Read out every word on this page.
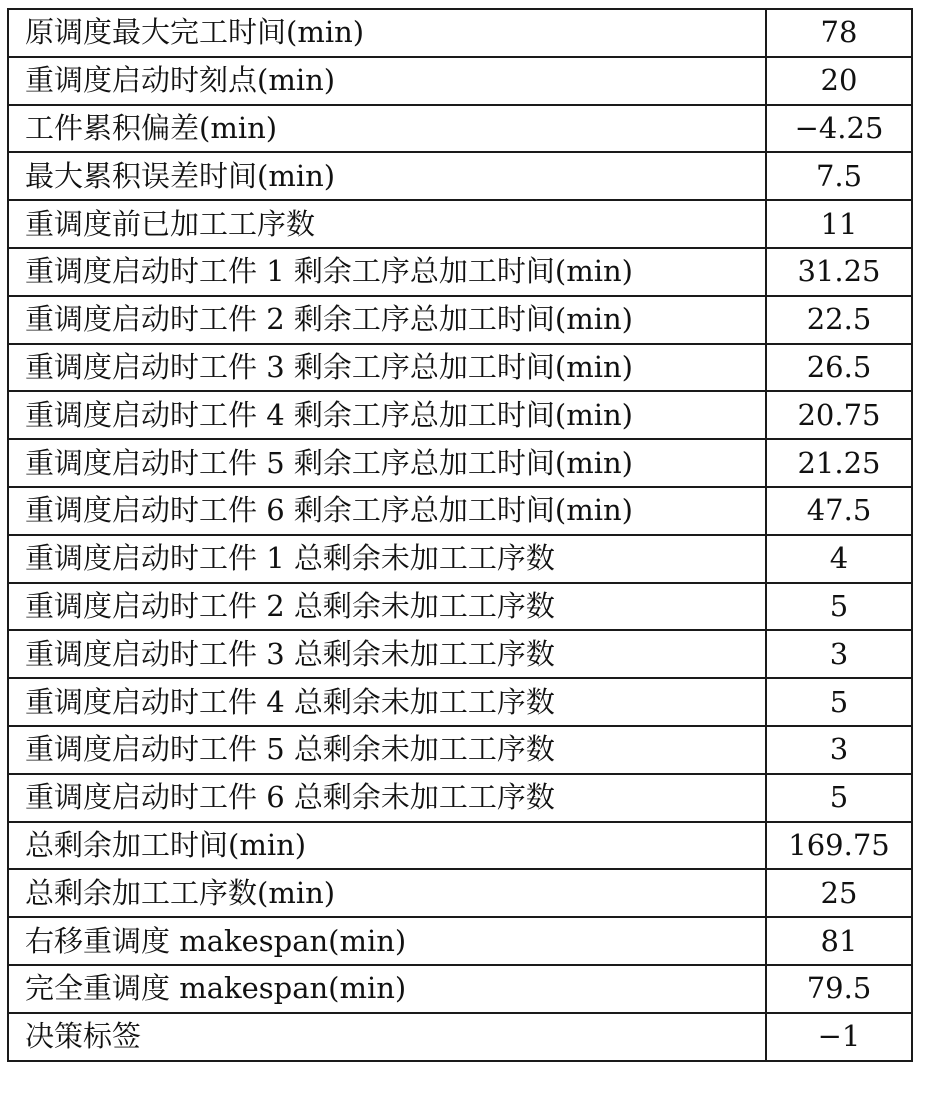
原调度最大完工时间(min)	78
重调度启动时刻点(min)	20
工件累积偏差(min)	−4.25
最大累积误差时间(min)	7.5
重调度前已加工工序数	11
重调度启动时工件 1 剩余工序总加工时间(min)	31.25
重调度启动时工件 2 剩余工序总加工时间(min)	22.5
重调度启动时工件 3 剩余工序总加工时间(min)	26.5
重调度启动时工件 4 剩余工序总加工时间(min)	20.75
重调度启动时工件 5 剩余工序总加工时间(min)	21.25
重调度启动时工件 6 剩余工序总加工时间(min)	47.5
重调度启动时工件 1 总剩余未加工工序数	4
重调度启动时工件 2 总剩余未加工工序数	5
重调度启动时工件 3 总剩余未加工工序数	3
重调度启动时工件 4 总剩余未加工工序数	5
重调度启动时工件 5 总剩余未加工工序数	3
重调度启动时工件 6 总剩余未加工工序数	5
总剩余加工时间(min)	169.75
总剩余加工工序数(min)	25
右移重调度 makespan(min)	81
完全重调度 makespan(min)	79.5
决策标签	−1
